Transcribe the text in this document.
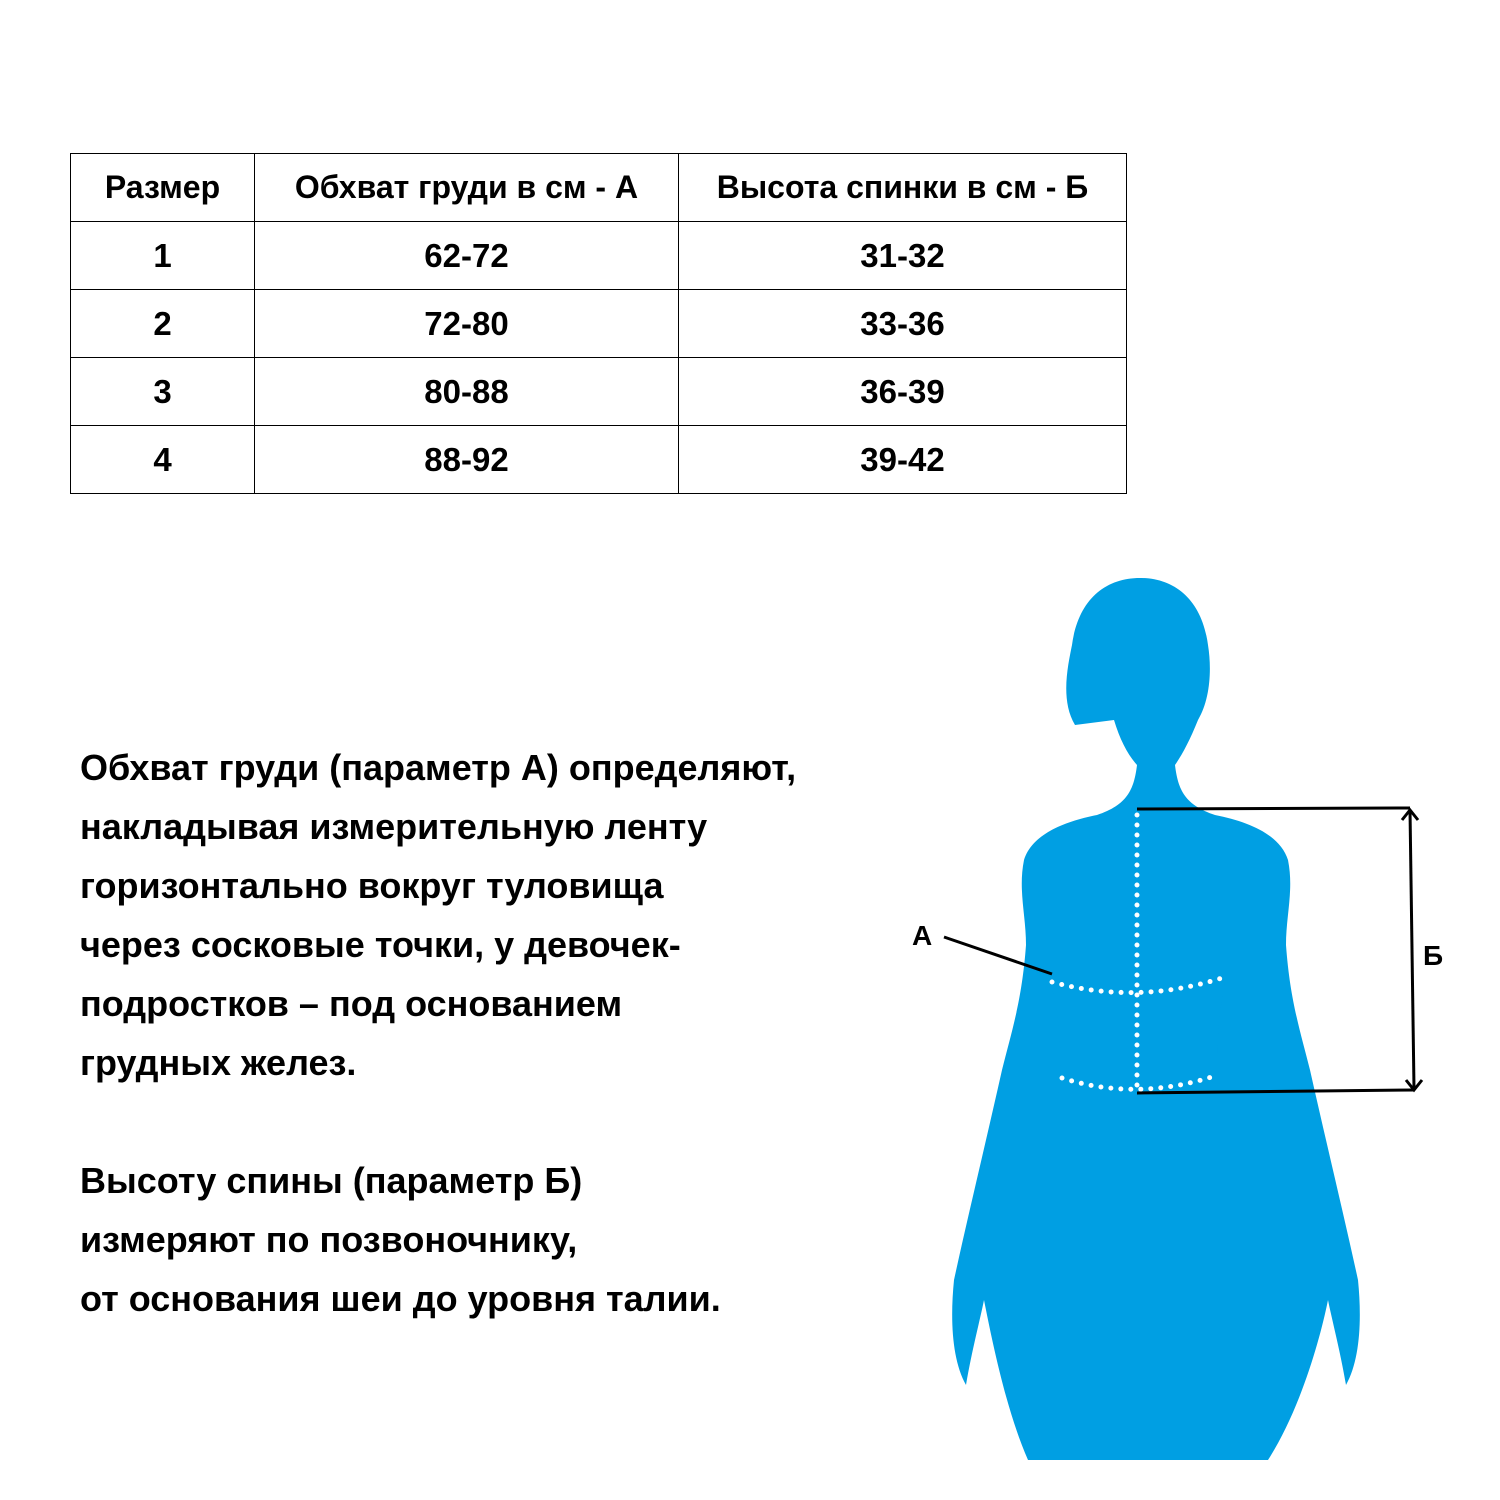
Размер	Обхват груди в см - А	Высота спинки в см - Б
1	62-72	31-32
2	72-80	33-36
3	80-88	36-39
4	88-92	39-42

Обхват груди (параметр А) определяют,

накладывая измерительную ленту

горизонтально вокруг туловища

через сосковые точки, у девочек-

подростков – под основанием

грудных желез.

Высоту спины (параметр Б)

измеряют по позвоночнику,

от основания шеи до уровня талии.

А
Б
